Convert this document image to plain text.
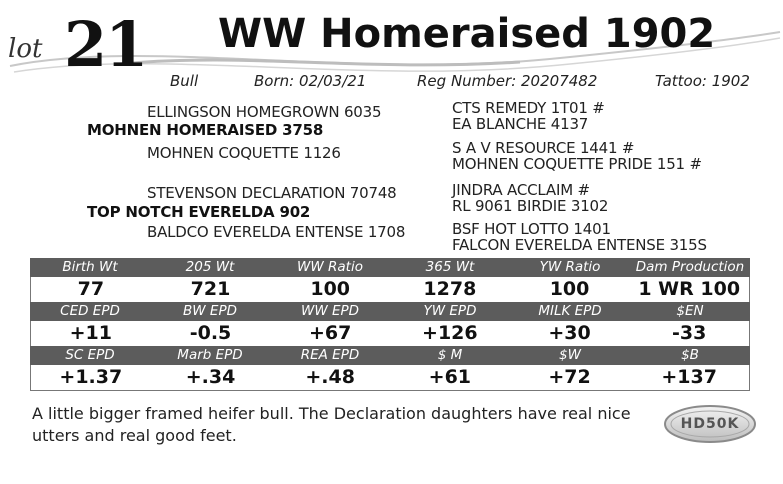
lot 21 WW Homeraised 1902
Bull	Born: 02/03/21	Reg Number: 20207482	Tattoo: 1902
ELLINGSON HOMEGROWN 6035
MOHNEN HOMERAISED 3758
MOHNEN COQUETTE 1126
STEVENSON DECLARATION 70748
TOP NOTCH EVERELDA 902
BALDCO EVERELDA ENTENSE 1708
CTS REMEDY 1T01 #
EA BLANCHE 4137
S A V RESOURCE 1441 #
MOHNEN COQUETTE PRIDE 151 #
JINDRA ACCLAIM #
RL 9061 BIRDIE 3102
BSF HOT LOTTO 1401
FALCON EVERELDA ENTENSE 315S
Birth Wt	205 Wt	WW Ratio	365 Wt	YW Ratio	Dam Production
77	721	100	1278	100	1 WR 100
CED EPD	BW EPD	WW EPD	YW EPD	MILK EPD	$EN
+11	-0.5	+67	+126	+30	-33
SC EPD	Marb EPD	REA EPD	$ M	$W	$B
+1.37	+.34	+.48	+61	+72	+137
A little bigger framed heifer bull. The Declaration daughters have real nice utters and real good feet.
HD50K
